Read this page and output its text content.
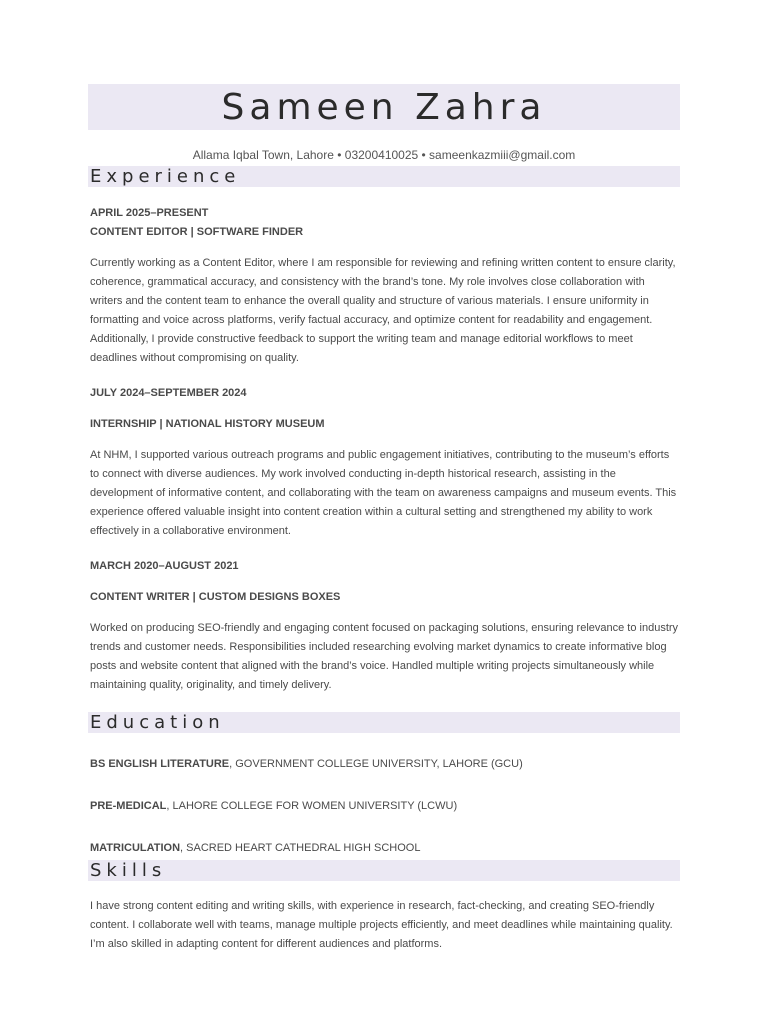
Sameen Zahra
Allama Iqbal Town, Lahore • 03200410025 • sameenkazmiii@gmail.com
Experience
APRIL 2025–PRESENT
CONTENT EDITOR | SOFTWARE FINDER
Currently working as a Content Editor, where I am responsible for reviewing and refining written content to ensure clarity, coherence, grammatical accuracy, and consistency with the brand’s tone. My role involves close collaboration with writers and the content team to enhance the overall quality and structure of various materials. I ensure uniformity in formatting and voice across platforms, verify factual accuracy, and optimize content for readability and engagement. Additionally, I provide constructive feedback to support the writing team and manage editorial workflows to meet deadlines without compromising on quality.
JULY 2024–SEPTEMBER 2024
INTERNSHIP | NATIONAL HISTORY MUSEUM
At NHM, I supported various outreach programs and public engagement initiatives, contributing to the museum’s efforts to connect with diverse audiences. My work involved conducting in-depth historical research, assisting in the development of informative content, and collaborating with the team on awareness campaigns and museum events. This experience offered valuable insight into content creation within a cultural setting and strengthened my ability to work effectively in a collaborative environment.
MARCH 2020–AUGUST 2021
CONTENT WRITER | CUSTOM DESIGNS BOXES
Worked on producing SEO-friendly and engaging content focused on packaging solutions, ensuring relevance to industry trends and customer needs. Responsibilities included researching evolving market dynamics to create informative blog posts and website content that aligned with the brand’s voice. Handled multiple writing projects simultaneously while maintaining quality, originality, and timely delivery.
Education
BS ENGLISH LITERATURE, GOVERNMENT COLLEGE UNIVERSITY, LAHORE (GCU)
PRE-MEDICAL, LAHORE COLLEGE FOR WOMEN UNIVERSITY (LCWU)
MATRICULATION, SACRED HEART CATHEDRAL HIGH SCHOOL
Skills
I have strong content editing and writing skills, with experience in research, fact-checking, and creating SEO-friendly content. I collaborate well with teams, manage multiple projects efficiently, and meet deadlines while maintaining quality. I’m also skilled in adapting content for different audiences and platforms.
